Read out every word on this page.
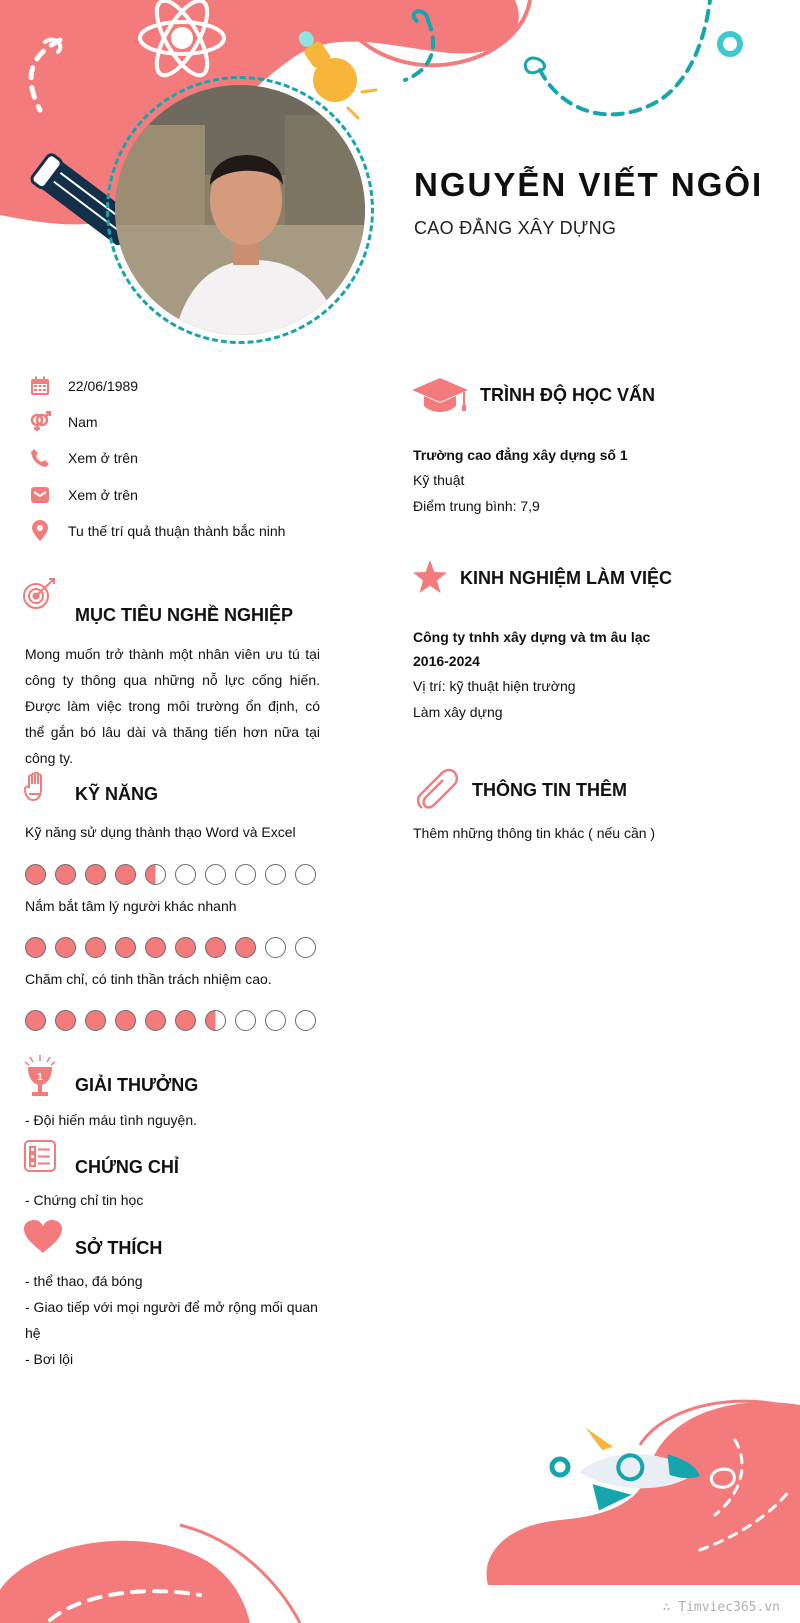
NGUYỄN VIẾT NGÔI
CAO ĐẲNG XÂY DỰNG
22/06/1989
Nam
Xem ở trên
Xem ở trên
Tu thế trí quả thuận thành bắc ninh
MỤC TIÊU NGHỀ NGHIỆP
Mong muốn trở thành một nhân viên ưu tú tại công ty thông qua những nỗ lực cống hiến. Được làm việc trong môi trường ổn định, có thể gắn bó lâu dài và thăng tiến hơn nữa tại công ty.
KỸ NĂNG
Kỹ năng sử dụng thành thạo Word và Excel
Nắm bắt tâm lý người khác nhanh
Chăm chỉ, có tinh thần trách nhiệm cao.
1 GIẢI THƯỞNG
- Đội hiến máu tình nguyện.
CHỨNG CHỈ
- Chứng chỉ tin học
SỞ THÍCH
- thể thao, đá bóng
- Giao tiếp với mọi người để mở rộng mối quan hệ
- Bơi lội
TRÌNH ĐỘ HỌC VẤN
Trường cao đẳng xây dựng số 1
Kỹ thuật
Điểm trung bình: 7,9
KINH NGHIỆM LÀM VIỆC
Công ty tnhh xây dựng và tm âu lạc
2016-2024
Vị trí: kỹ thuật hiện trường
Làm xây dựng
THÔNG TIN THÊM
Thêm những thông tin khác ( nếu cần )
∴ Timviec365.vn
